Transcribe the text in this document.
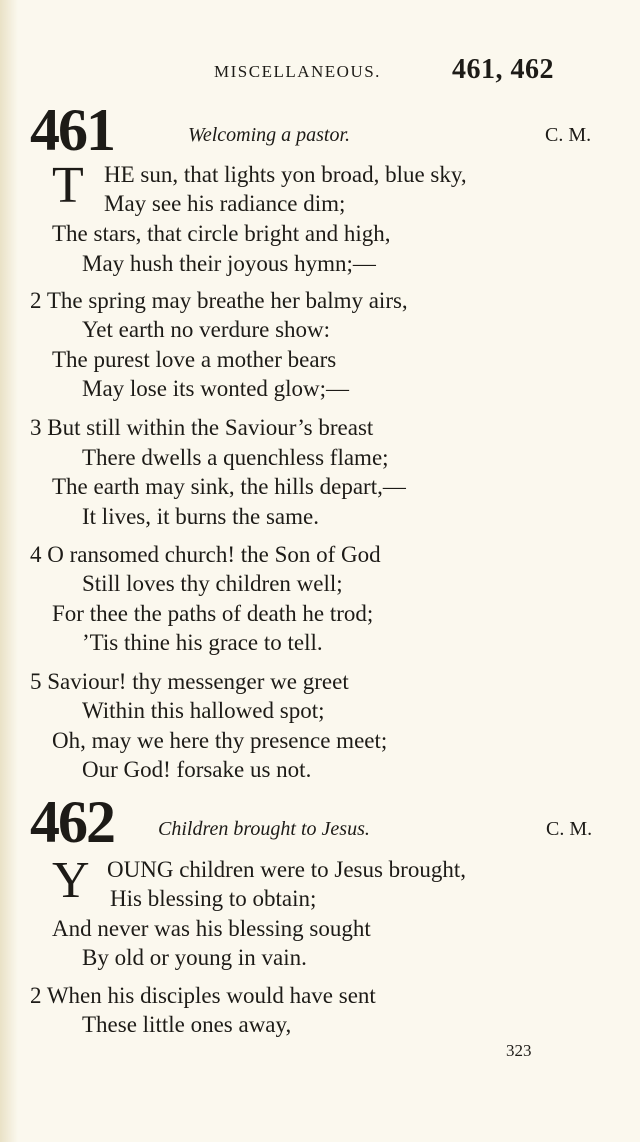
MISCELLANEOUS.	461, 462
461	Welcoming a pastor.	C. M.
T HE sun, that lights yon broad, blue sky,
May see his radiance dim;
The stars, that circle bright and high,
May hush their joyous hymn;—
2 The spring may breathe her balmy airs,
Yet earth no verdure show:
The purest love a mother bears
May lose its wonted glow;—
3 But still within the Saviour’s breast
There dwells a quenchless flame;
The earth may sink, the hills depart,—
It lives, it burns the same.
4 O ransomed church! the Son of God
Still loves thy children well;
For thee the paths of death he trod;
’Tis thine his grace to tell.
5 Saviour! thy messenger we greet
Within this hallowed spot;
Oh, may we here thy presence meet;
Our God! forsake us not.
462 Children brought to Jesus.	C. M.
Y OUNG children were to Jesus brought,
His blessing to obtain;
And never was his blessing sought
By old or young in vain.
2 When his disciples would have sent
These little ones away,
323
